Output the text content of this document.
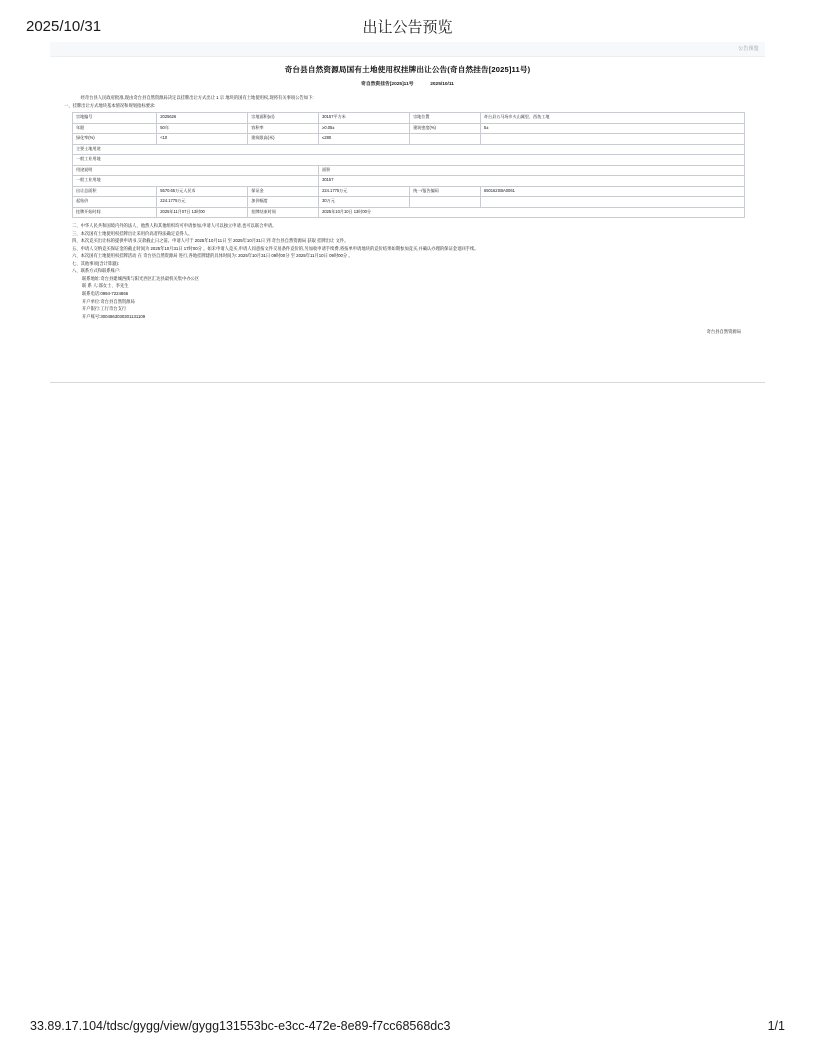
2025/10/31	出让公告预览
公告预览
奇台县自然资源局国有土地使用权挂牌出让公告(奇自然挂告[2025]11号)
奇自然资挂告[2025]11号	2025/10/11

经奇台县人民政府批准,现由奇台县自然资源局决定以挂牌出让方式出让 1 宗 地块的国有土地使用权,现将有关事项公告如下:

一、挂牌出让方式地块基本情况和规划指标要求:

宗地编号	2025626	宗地面积(㎡)	30157平方米	宗地位置	奇台县五马场乡火山属里、西鱼工地
年限	50年	容积率	≥0.05±	建筑密度(%)	5±
绿化率(%)	<10	建筑限高(米)	≤280		
主要土地用途					
一般工业用地					
用途说明			面积		
一般工业用地			30157		
出让总面积	5570.65万元人民币	保证金	224.1775万元	统一/报告编码	650162SBA0061
起始价	224.1775万元	加价幅度	30万元		
挂牌开始时间	2025年11月07日 13时00	挂牌结束时间	2025年10月10日 13时00分		

二、中华人民共和国境内外的法人、他然人和其他组织均可申请参加,申请人可以独立申请,也可以联合申请。

三、本次国有土地使用权挂牌出让采用价高者得法确定竞得人。

四、本次竞买出让标的提供申请书,交款截止日之前。申请人可于 2025年10月11日 至 2025年10月31日 到 奇台县自然资源局 获取 挂牌出让 文件。

五、申请人交纳竞买保证金的截止时间为 2025年10月31日 17时00分 。如未申请人竞买,申请人同意按文件交易条件竞价的,另加收申请手续费,将按单申请地块的竞价结果如期参加竞买,并确认办理的保证金退回手续。

六、本次国有土地使用权挂牌活动 在 奇台县自然资源局 进行,各地挂牌建的具体时间为: 2025年10月31日 09时00分 至 2025年11月10日 09时00分 。

七、其他事项(含计算器):

八、联系方式和联系账户:

联系地址:奇台县建城西街与阳光西区汇达县最机关集中办公区

联 系 人:邵女士、李先生

联系电话:0994-7224866

开户单位:奇台县自然资源局

开户银行:工行奇台支行

开户账号:3004863030301131109

奇台县自然资源局
33.89.17.104/tdsc/gygg/view/gygg131553bc-e3cc-472e-8e89-f7cc68568dc3	1/1
